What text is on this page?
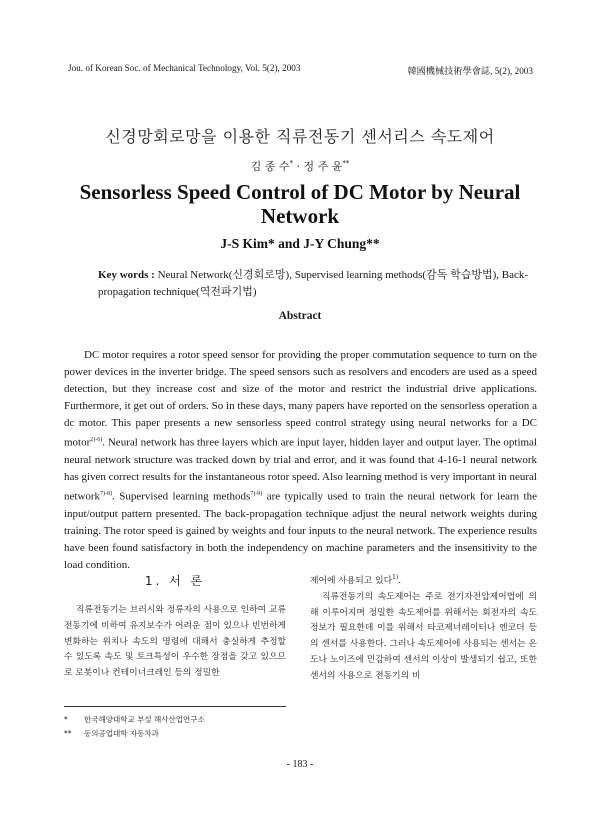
Jou. of Korean Soc. of Mechanical Technology, Vol. 5(2), 2003	韓國機械技術學會誌, 5(2), 2003
신경망회로망을 이용한 직류전동기 센서리스 속도제어
김 종 수* · 정 주 윤**
Sensorless Speed Control of DC Motor by Neural Network
J-S Kim* and J-Y Chung**
Key words : Neural Network(신경회로망), Supervised learning methods(감독 학습방법), Back-propagation technique(역전파기법)
Abstract

DC motor requires a rotor speed sensor for providing the proper commutation sequence to turn on the power devices in the inverter bridge. The speed sensors such as resolvers and encoders are used as a speed detection, but they increase cost and size of the motor and restrict the industrial drive applications. Furthermore, it get out of orders. So in these days, many papers have reported on the sensorless operation a dc motor. This paper presents a new sensorless speed control strategy using neural networks for a DC motor$^{2)-6)}$. Neural network has three layers which are input layer, hidden layer and output layer. The optimal neural network structure was tracked down by trial and error, and it was found that 4-16-1 neural network has given correct results for the instantaneous rotor speed. Also learning method is very important in neural network$^{7)-8)}$. Supervised learning methods$^{7)-9)}$ are typically used to train the neural network for learn the input/output pattern presented. The back-propagation technique adjust the neural network weights during training. The rotor speed is gained by weights and four inputs to the neural network. The experience results have been found satisfactory in both the independency on machine parameters and the insensitivity to the load condition.

1. 서 론

직류전동기는 브러시와 정류자의 사용으로 인하여 교류전동기에 비하여 유지보수가 어려운 점이 있으나 빈번하게 변화하는 위치나 속도의 명령에 대해서 충실하게 추정할 수 있도록 속도 및 토크특성이 우수한 장점을 갖고 있으므로 로봇이나 컨테이너크레인 등의 정밀한

제어에 사용되고 있다$^{1)}$.

직류전동기의 속도제어는 주로 전기자전압제어법에 의해 이루어지며 정밀한 속도제어를 위해서는 회전자의 속도정보가 필요한데 이를 위해서 타코제너레이터나 엔코더 등의 센서를 사용한다. 그러나 속도제어에 사용되는 센서는 온도나 노이즈에 민감하여 센서의 이상이 발생되기 쉽고, 또한 센서의 사용으로 전동기의 비

* 한국해양대학교 부설 해사산업연구소
** 동의공업대학 자동차과
- 183 -
